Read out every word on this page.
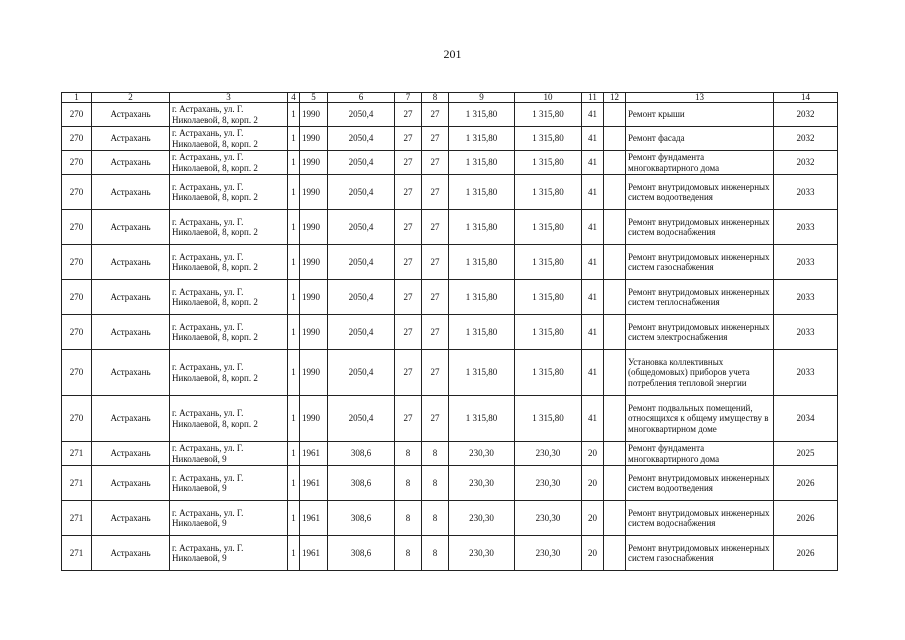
201
1	2	3	4	5	6	7	8	9	10	11	12	13	14
270	Астрахань	г. Астрахань, ул. Г. Николаевой, 8, корп. 2	1	1990	2050,4	27	27	1 315,80	1 315,80	41		Ремонт крыши	2032
270	Астрахань	г. Астрахань, ул. Г. Николаевой, 8, корп. 2	1	1990	2050,4	27	27	1 315,80	1 315,80	41		Ремонт фасада	2032
270	Астрахань	г. Астрахань, ул. Г. Николаевой, 8, корп. 2	1	1990	2050,4	27	27	1 315,80	1 315,80	41		Ремонт фундамента многоквартирного дома	2032
270	Астрахань	г. Астрахань, ул. Г. Николаевой, 8, корп. 2	1	1990	2050,4	27	27	1 315,80	1 315,80	41		Ремонт внутридомовых инженерных систем водоотведения	2033
270	Астрахань	г. Астрахань, ул. Г. Николаевой, 8, корп. 2	1	1990	2050,4	27	27	1 315,80	1 315,80	41		Ремонт внутридомовых инженерных систем водоснабжения	2033
270	Астрахань	г. Астрахань, ул. Г. Николаевой, 8, корп. 2	1	1990	2050,4	27	27	1 315,80	1 315,80	41		Ремонт внутридомовых инженерных систем газоснабжения	2033
270	Астрахань	г. Астрахань, ул. Г. Николаевой, 8, корп. 2	1	1990	2050,4	27	27	1 315,80	1 315,80	41		Ремонт внутридомовых инженерных систем теплоснабжения	2033
270	Астрахань	г. Астрахань, ул. Г. Николаевой, 8, корп. 2	1	1990	2050,4	27	27	1 315,80	1 315,80	41		Ремонт внутридомовых инженерных систем электроснабжения	2033
270	Астрахань	г. Астрахань, ул. Г. Николаевой, 8, корп. 2	1	1990	2050,4	27	27	1 315,80	1 315,80	41		Установка коллективных (общедомовых) приборов учета потребления тепловой энергии	2033
270	Астрахань	г. Астрахань, ул. Г. Николаевой, 8, корп. 2	1	1990	2050,4	27	27	1 315,80	1 315,80	41		Ремонт подвальных помещений, относящихся к общему имуществу в многоквартирном доме	2034
271	Астрахань	г. Астрахань, ул. Г. Николаевой, 9	1	1961	308,6	8	8	230,30	230,30	20		Ремонт фундамента многоквартирного дома	2025
271	Астрахань	г. Астрахань, ул. Г. Николаевой, 9	1	1961	308,6	8	8	230,30	230,30	20		Ремонт внутридомовых инженерных систем водоотведения	2026
271	Астрахань	г. Астрахань, ул. Г. Николаевой, 9	1	1961	308,6	8	8	230,30	230,30	20		Ремонт внутридомовых инженерных систем водоснабжения	2026
271	Астрахань	г. Астрахань, ул. Г. Николаевой, 9	1	1961	308,6	8	8	230,30	230,30	20		Ремонт внутридомовых инженерных систем газоснабжения	2026
